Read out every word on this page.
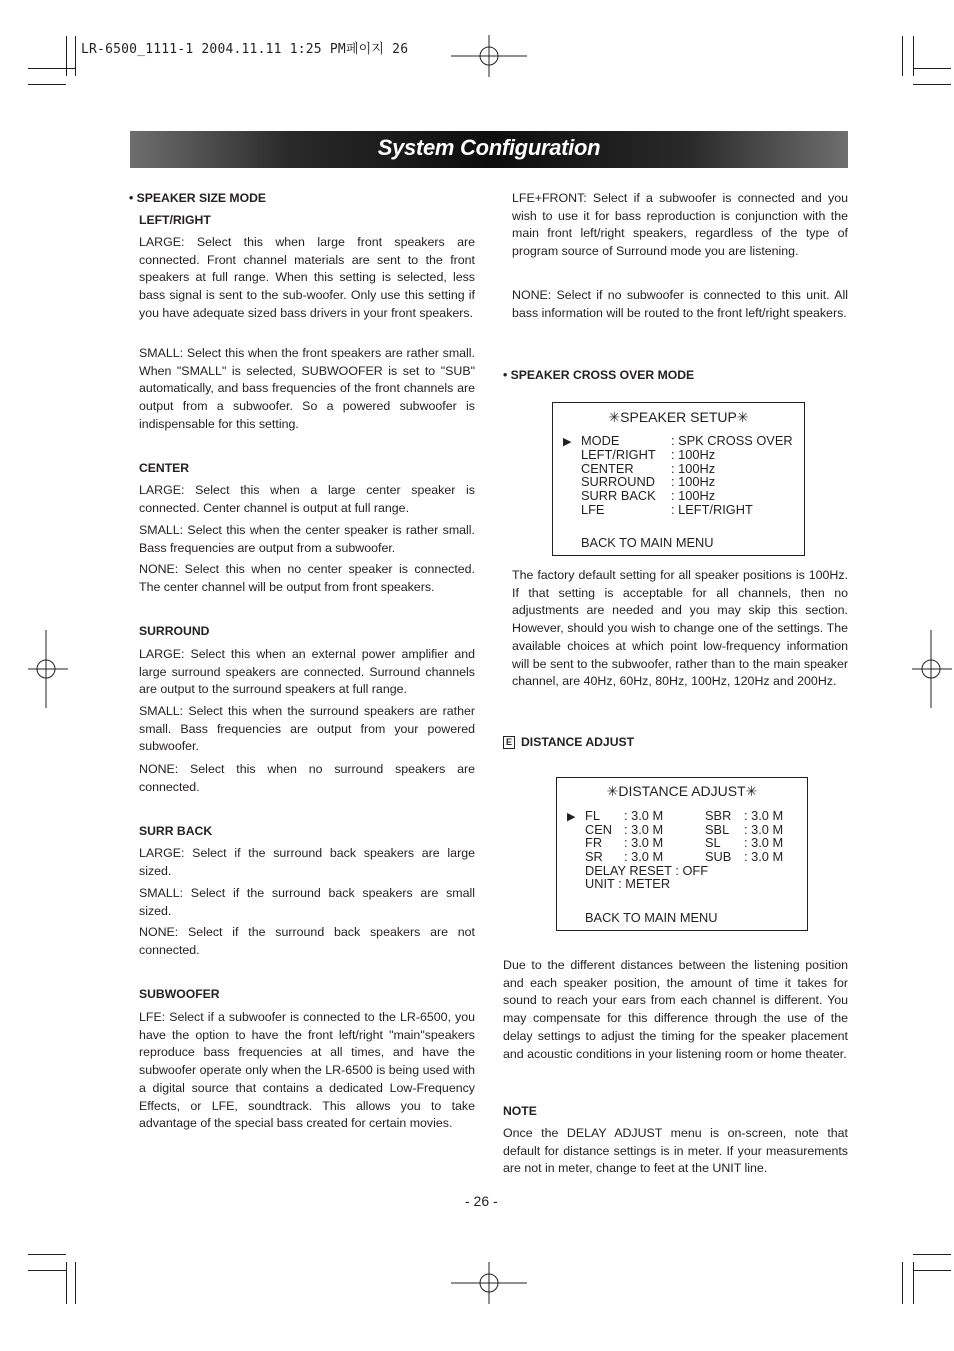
LR-6500_1111-1 2004.11.11 1:25 PM페이지 26
System Configuration
• SPEAKER SIZE MODE
LEFT/RIGHT

LARGE: Select this when large front speakers are connected. Front channel materials are sent to the front speakers at full range. When this setting is selected, less bass signal is sent to the sub-woofer. Only use this setting if you have adequate sized bass drivers in your front speakers.

SMALL: Select this when the front speakers are rather small. When "SMALL" is selected, SUBWOOFER is set to "SUB" automatically, and bass frequencies of the front channels are output from a subwoofer. So a powered subwoofer is indispensable for this setting.

CENTER

LARGE: Select this when a large center speaker is connected. Center channel is output at full range.

SMALL: Select this when the center speaker is rather small. Bass frequencies are output from a subwoofer.

NONE: Select this when no center speaker is connected. The center channel will be output from front speakers.

SURROUND

LARGE: Select this when an external power amplifier and large surround speakers are connected. Surround channels are output to the surround speakers at full range.

SMALL: Select this when the surround speakers are rather small. Bass frequencies are output from your powered subwoofer.

NONE: Select this when no surround speakers are connected.

SURR BACK

LARGE: Select if the surround back speakers are large sized.

SMALL: Select if the surround back speakers are small sized.

NONE: Select if the surround back speakers are not connected.

SUBWOOFER

LFE: Select if a subwoofer is connected to the LR-6500, you have the option to have the front left/right "main"speakers reproduce bass frequencies at all times, and have the subwoofer operate only when the LR-6500 is being used with a digital source that contains a dedicated Low-Frequency Effects, or LFE, soundtrack. This allows you to take advantage of the special bass created for certain movies.

LFE+FRONT: Select if a subwoofer is connected and you wish to use it for bass reproduction is conjunction with the main front left/right speakers, regardless of the type of program source of Surround mode you are listening.

NONE: Select if no subwoofer is connected to this unit. All bass information will be routed to the front left/right speakers.

• SPEAKER CROSS OVER MODE
✳SPEAKER SETUP✳
▶ MODE	: SPK CROSS OVER
LEFT/RIGHT : 100Hz
CENTER	: 100Hz
SURROUND : 100Hz
SURR BACK : 100Hz
LFE	: LEFT/RIGHT
BACK TO MAIN MENU

The factory default setting for all speaker positions is 100Hz. If that setting is acceptable for all channels, then no adjustments are needed and you may skip this section. However, should you wish to change one of the settings. The available choices at which point low-frequency information will be sent to the subwoofer, rather than to the main speaker channel, are 40Hz, 60Hz, 80Hz, 100Hz, 120Hz and 200Hz.

E DISTANCE ADJUST
✳DISTANCE ADJUST✳
▶ FL : 3.0 M	SBR : 3.0 M
CEN : 3.0 M	SBL : 3.0 M
FR : 3.0 M	SL : 3.0 M
SR : 3.0 M	SUB : 3.0 M
DELAY RESET : OFF
UNIT : METER
BACK TO MAIN MENU

Due to the different distances between the listening position and each speaker position, the amount of time it takes for sound to reach your ears from each channel is different. You may compensate for this difference through the use of the delay settings to adjust the timing for the speaker placement and acoustic conditions in your listening room or home theater.

NOTE

Once the DELAY ADJUST menu is on-screen, note that default for distance settings is in meter. If your measurements are not in meter, change to feet at the UNIT line.

- 26 -
